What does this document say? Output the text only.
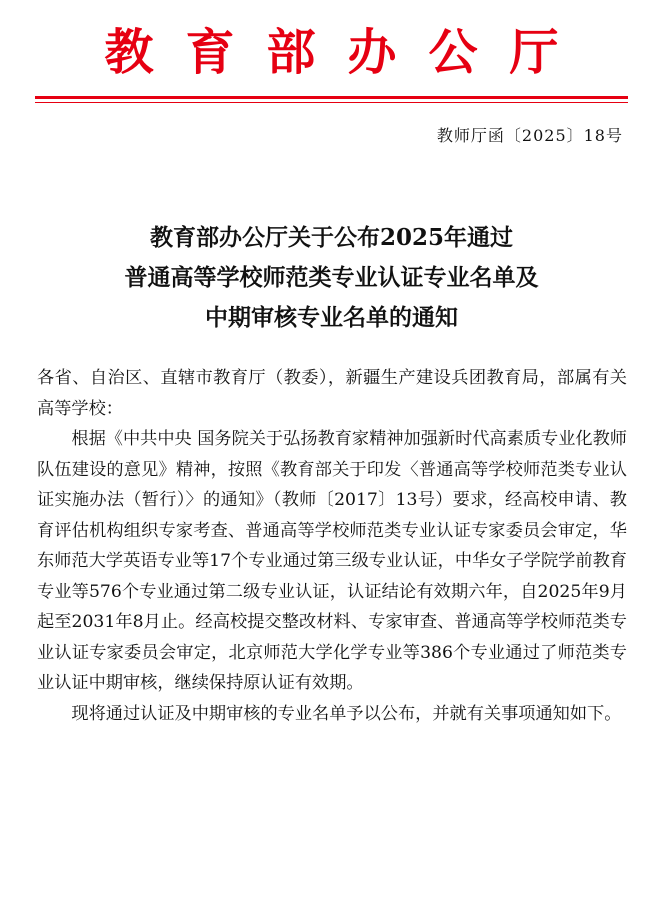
教育部办公厅
教师厅函〔2025〕18号
教育部办公厅关于公布2025年通过
普通高等学校师范类专业认证专业名单及
中期审核专业名单的通知

各省、自治区、直辖市教育厅（教委），新疆生产建设兵团教育局，部属有关高等学校：

根据《中共中央 国务院关于弘扬教育家精神加强新时代高素质专业化教师队伍建设的意见》精神，按照《教育部关于印发〈普通高等学校师范类专业认证实施办法（暂行）〉的通知》（教师〔2017〕13号）要求，经高校申请、教育评估机构组织专家考查、普通高等学校师范类专业认证专家委员会审定，华东师范大学英语专业等17个专业通过第三级专业认证，中华女子学院学前教育专业等576个专业通过第二级专业认证，认证结论有效期六年，自2025年9月起至2031年8月止。经高校提交整改材料、专家审查、普通高等学校师范类专业认证专家委员会审定，北京师范大学化学专业等386个专业通过了师范类专业认证中期审核，继续保持原认证有效期。

现将通过认证及中期审核的专业名单予以公布，并就有关事项通知如下。
